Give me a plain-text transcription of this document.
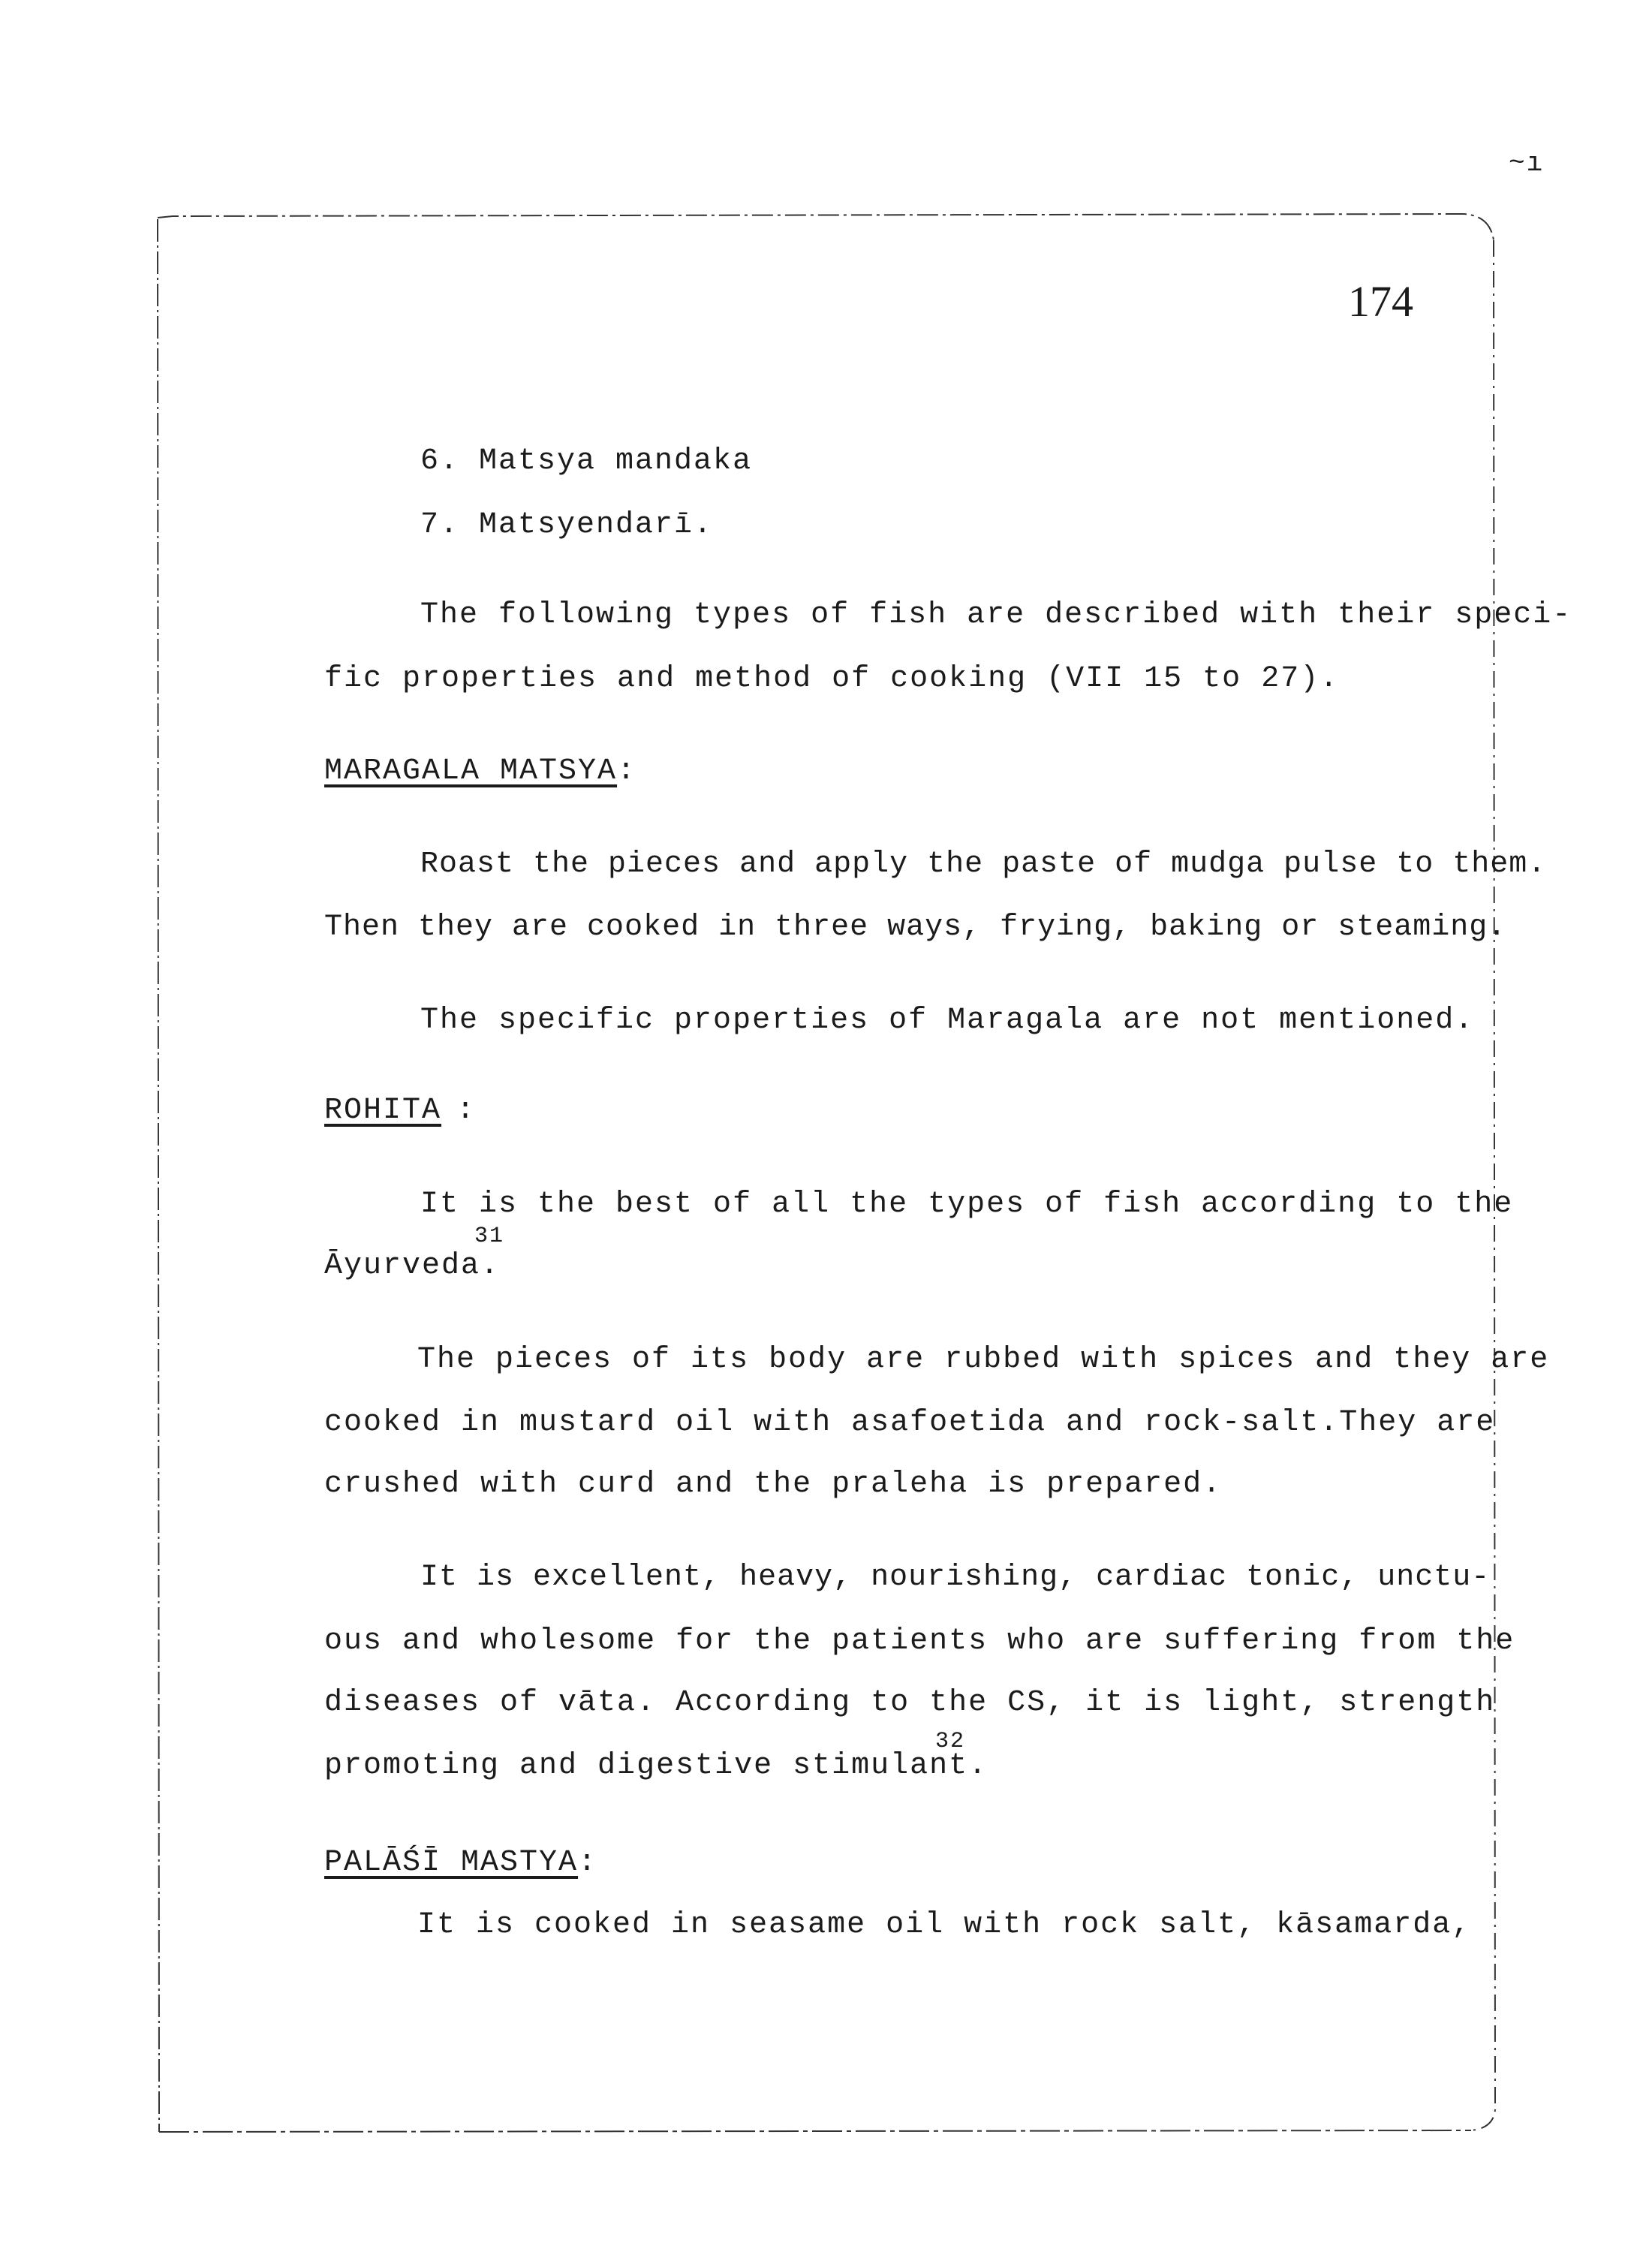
~ı
174
6. Matsya mandaka
7. Matsyendarī.
The following types of fish are described with their speci-
fic properties and method of cooking (VII 15 to 27).
MARAGALA MATSYA :
Roast the pieces and apply the paste of mudga pulse to them.
Then they are cooked in three ways, frying, baking or steaming.
The specific properties of Maragala are not mentioned.
ROHITA :
It is the best of all the types of fish according to the
Āyurveda.
31
The pieces of its body are rubbed with spices and they are
cooked in mustard oil with asafoetida and rock-salt.They are
crushed with curd and the praleha is prepared.
It is excellent, heavy, nourishing, cardiac tonic, unctu-
ous and wholesome for the patients who are suffering from the
diseases of vāta. According to the CS, it is light, strength
promoting and digestive stimulant.
32
PALĀŚĪ MASTYA :
It is cooked in seasame oil with rock salt, kāsamarda,
